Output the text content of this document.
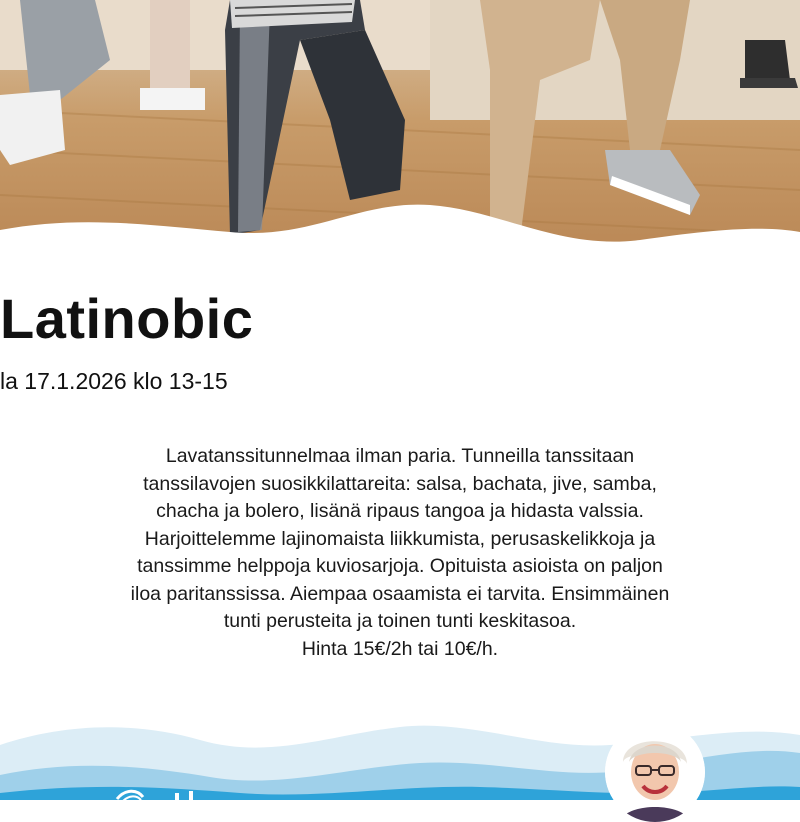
Latinobic
la 17.1.2026 klo 13-15
Lavatanssitunnelmaa ilman paria. Tunneilla tanssitaan
tanssilavojen suosikkilattareita: salsa, bachata, jive, samba,
chacha ja bolero, lisänä ripaus tangoa ja hidasta valssia.
Harjoittelemme lajinomaista liikkumista, perusaskelikkoja ja
tanssimme helppoja kuviosarjoja. Opituista asioista on paljon
iloa paritanssissa. Aiempaa osaamista ei tarvita. Ensimmäinen
tunti perusteita ja toinen tunti keskitasoa.
Hinta 15€/2h tai 10€/h.
